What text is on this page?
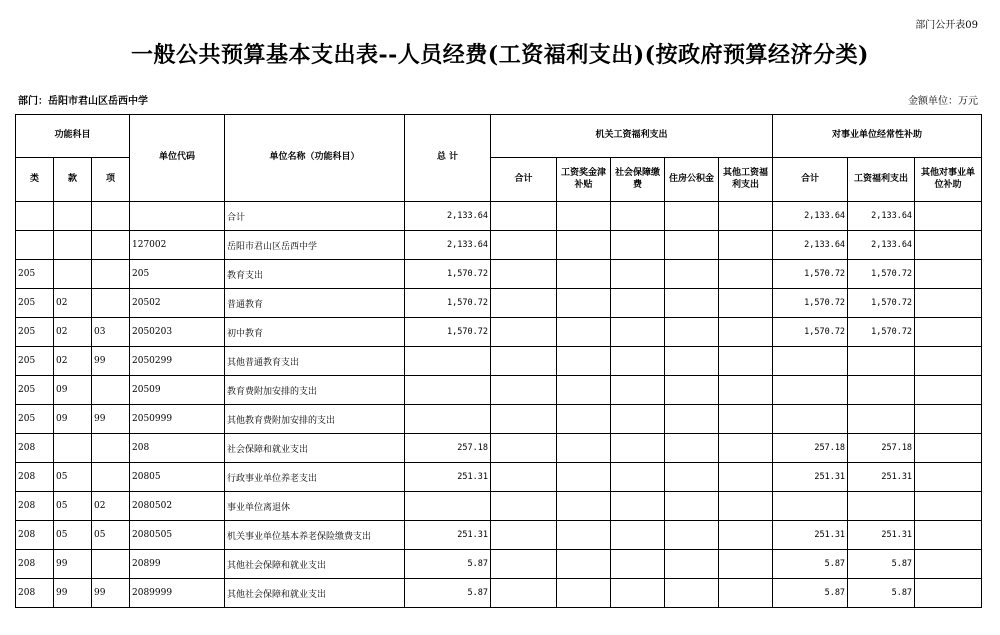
部门公开表09
一般公共预算基本支出表--人员经费(工资福利支出)(按政府预算经济分类)
部门：岳阳市君山区岳西中学	金额单位：万元
功能科目			单位代码	单位名称（功能科目）	总 计	机关工资福利支出					对事业单位经常性补助		
类	款	项				合计	工资奖金津补贴	社会保障缴费	住房公积金	其他工资福利支出	合计	工资福利支出	其他对事业单位补助
				合计	2,133.64						2,133.64	2,133.64	
			127002	岳阳市君山区岳西中学	2,133.64						2,133.64	2,133.64	
205			205	教育支出	1,570.72						1,570.72	1,570.72	
205	02		20502	普通教育	1,570.72						1,570.72	1,570.72	
205	02	03	2050203	初中教育	1,570.72						1,570.72	1,570.72	
205	02	99	2050299	其他普通教育支出									
205	09		20509	教育费附加安排的支出									
205	09	99	2050999	其他教育费附加安排的支出									
208			208	社会保障和就业支出	257.18						257.18	257.18	
208	05		20805	行政事业单位养老支出	251.31						251.31	251.31	
208	05	02	2080502	事业单位离退休									
208	05	05	2080505	机关事业单位基本养老保险缴费支出	251.31						251.31	251.31	
208	99		20899	其他社会保障和就业支出	5.87						5.87	5.87	
208	99	99	2089999	其他社会保障和就业支出	5.87						5.87	5.87	
